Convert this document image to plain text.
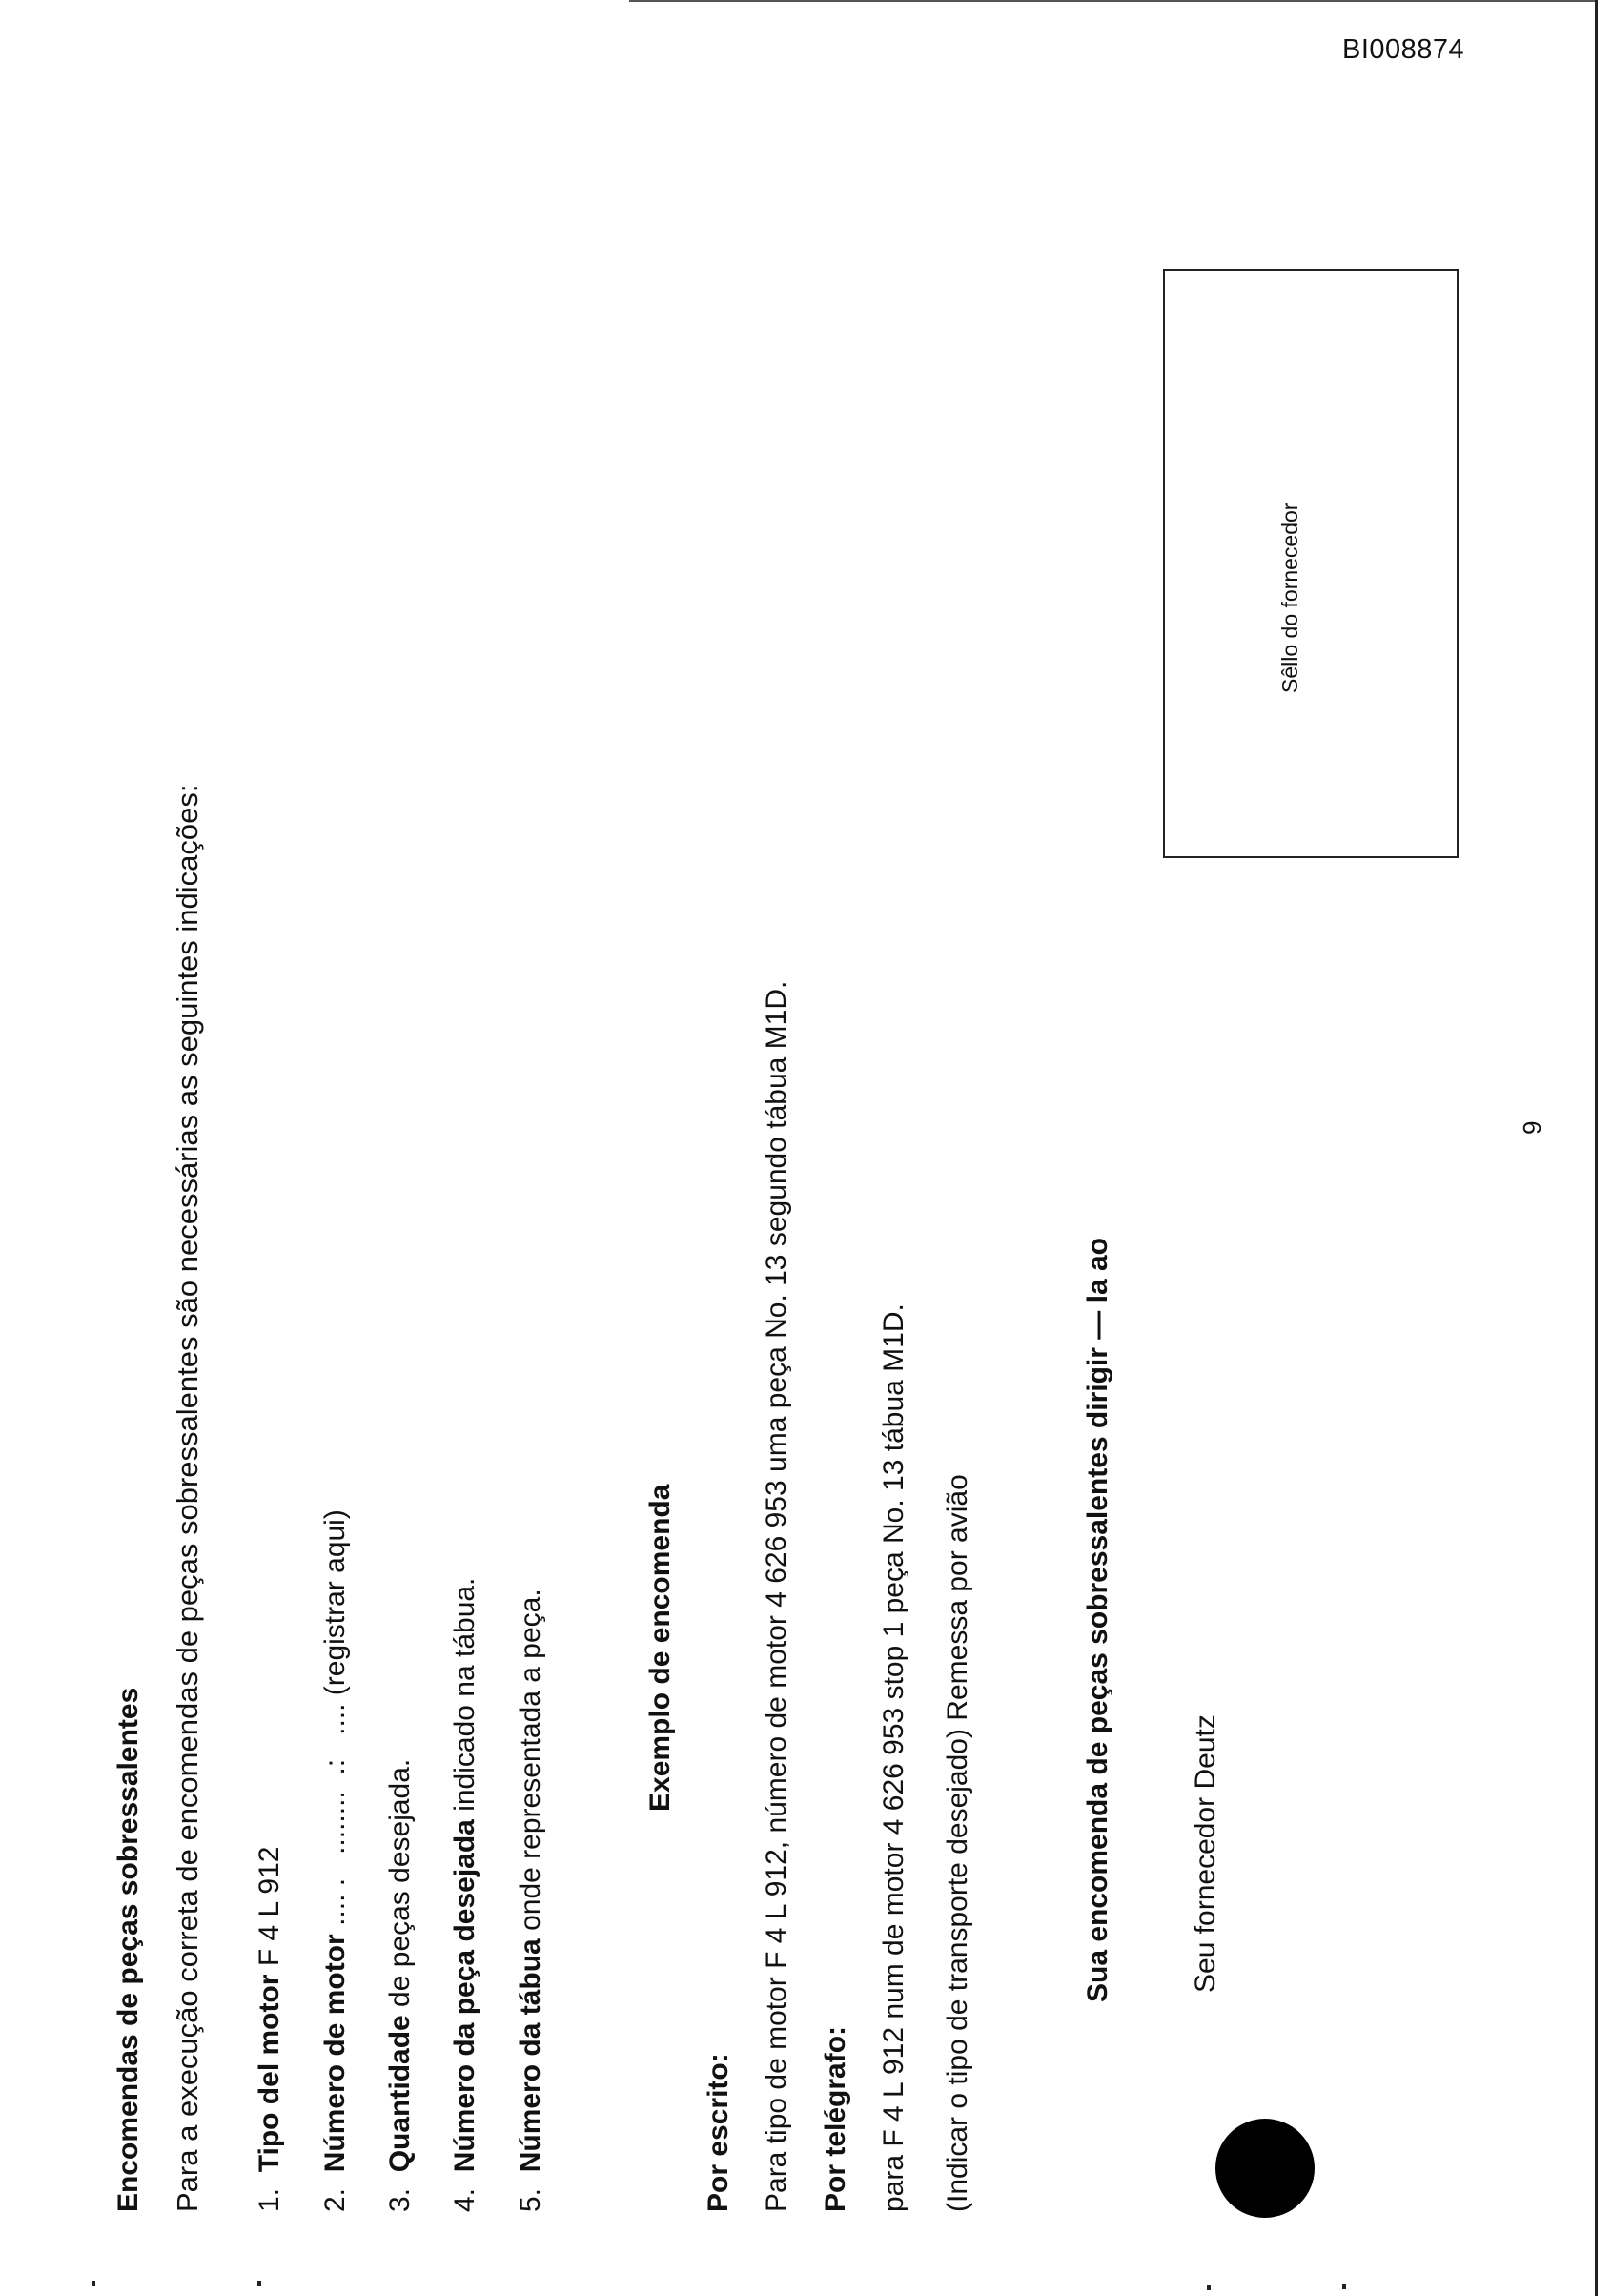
BI008874
Encomendas de peças sobressalentes Para a execução correta de encomendas de peças sobressalentes são necessárias as seguintes indicações: 1.  Tipo del motor F 4 L 912
2.  Número de motor .... .   ........  .:   .... (registrar aqui)
3.  Quantidade de peças desejada.
4.  Número da peça desejada indicado na tábua.
5.  Número da tábua onde representada a peça.	Exemplo de encomenda
Por escrito: Para tipo de motor F 4 L 912, número de motor 4 626 953 uma peça No. 13 segundo tábua M1D. Por telégrafo: para F 4 L 912 num de motor 4 626 953 stop 1 peça No. 13 tábua M1D. (Indicar o tipo de transporte desejado) Remessa por avião	Sua encomenda de peças sobressalentes dirigir — la ao	Seu fornecedor Deutz
Sêllo do fornecedor
9
